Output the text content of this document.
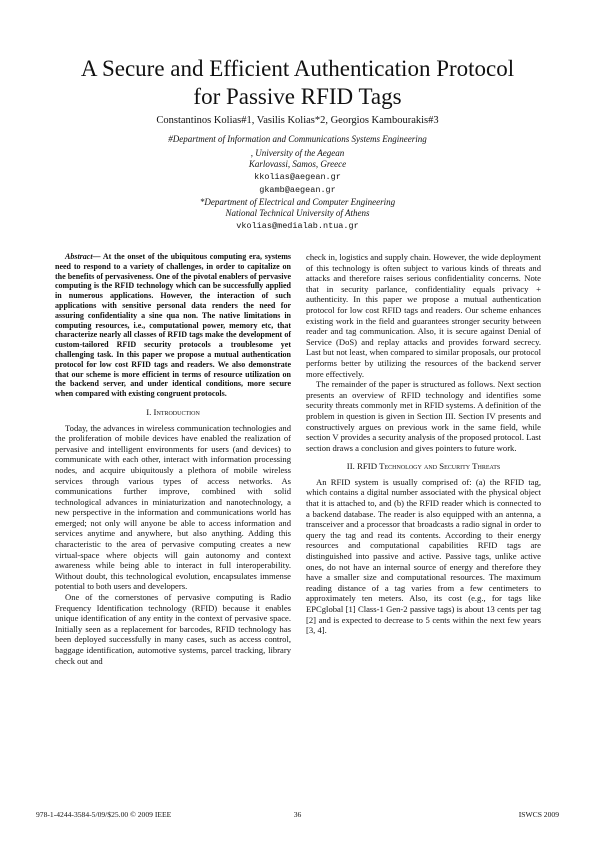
A Secure and Efficient Authentication Protocol
for Passive RFID Tags
Constantinos Kolias#1, Vasilis Kolias*2, Georgios Kambourakis#3
#Department of Information and Communications Systems Engineering
, University of the Aegean
Karlovassi, Samos, Greece
kkolias@aegean.gr
gkamb@aegean.gr
*Department of Electrical and Computer Engineering
National Technical University of Athens
vkolias@medialab.ntua.gr

Abstract— At the onset of the ubiquitous computing era, systems need to respond to a variety of challenges, in order to capitalize on the benefits of pervasiveness. One of the pivotal enablers of pervasive computing is the RFID technology which can be successfully applied in numerous applications. However, the interaction of such applications with sensitive personal data renders the need for assuring confidentiality a sine qua non. The native limitations in computing resources, i.e., computational power, memory etc, that characterize nearly all classes of RFID tags make the development of custom-tailored RFID security protocols a troublesome yet challenging task. In this paper we propose a mutual authentication protocol for low cost RFID tags and readers. We also demonstrate that our scheme is more efficient in terms of resource utilization on the backend server, and under identical conditions, more secure when compared with existing congruent protocols.

I. Introduction

Today, the advances in wireless communication technologies and the proliferation of mobile devices have enabled the realization of pervasive and intelligent environments for users (and devices) to communicate with each other, interact with information processing nodes, and acquire ubiquitously a plethora of mobile wireless services through various types of access networks. As communications further improve, combined with solid technological advances in miniaturization and nanotechnology, a new perspective in the information and communications world has emerged; not only will anyone be able to access information and services anytime and anywhere, but also anything. Adding this characteristic to the area of pervasive computing creates a new virtual-space where objects will gain autonomy and context awareness while being able to interact in full interoperability. Without doubt, this technological evolution, encapsulates immense potential to both users and developers.

One of the cornerstones of pervasive computing is Radio Frequency Identification technology (RFID) because it enables unique identification of any entity in the context of pervasive space. Initially seen as a replacement for barcodes, RFID technology has been deployed successfully in many cases, such as access control, baggage identification, automotive systems, parcel tracking, library check out and

check in, logistics and supply chain. However, the wide deployment of this technology is often subject to various kinds of threats and attacks and therefore raises serious confidentiality concerns. Note that in security parlance, confidentiality equals privacy + authenticity. In this paper we propose a mutual authentication protocol for low cost RFID tags and readers. Our scheme enhances existing work in the field and guarantees stronger security between reader and tag communication. Also, it is secure against Denial of Service (DoS) and replay attacks and provides forward secrecy. Last but not least, when compared to similar proposals, our protocol performs better by utilizing the resources of the backend server more effectively.

The remainder of the paper is structured as follows. Next section presents an overview of RFID technology and identifies some security threats commonly met in RFID systems. A definition of the problem in question is given in Section III. Section IV presents and constructively argues on previous work in the same field, while section V provides a security analysis of the proposed protocol. Last section draws a conclusion and gives pointers to future work.

II. RFID Technology and Security Threats

An RFID system is usually comprised of: (a) the RFID tag, which contains a digital number associated with the physical object that it is attached to, and (b) the RFID reader which is connected to a backend database. The reader is also equipped with an antenna, a transceiver and a processor that broadcasts a radio signal in order to query the tag and read its contents. According to their energy resources and computational capabilities RFID tags are distinguished into passive and active. Passive tags, unlike active ones, do not have an internal source of energy and therefore they have a smaller size and computational resources. The maximum reading distance of a tag varies from a few centimeters to approximately ten meters. Also, its cost (e.g., for tags like EPCglobal [1] Class-1 Gen-2 passive tags) is about 13 cents per tag [2] and is expected to decrease to 5 cents within the next few years [3, 4].

978-1-4244-3584-5/09/$25.00 © 2009 IEEE	36	ISWCS 2009
